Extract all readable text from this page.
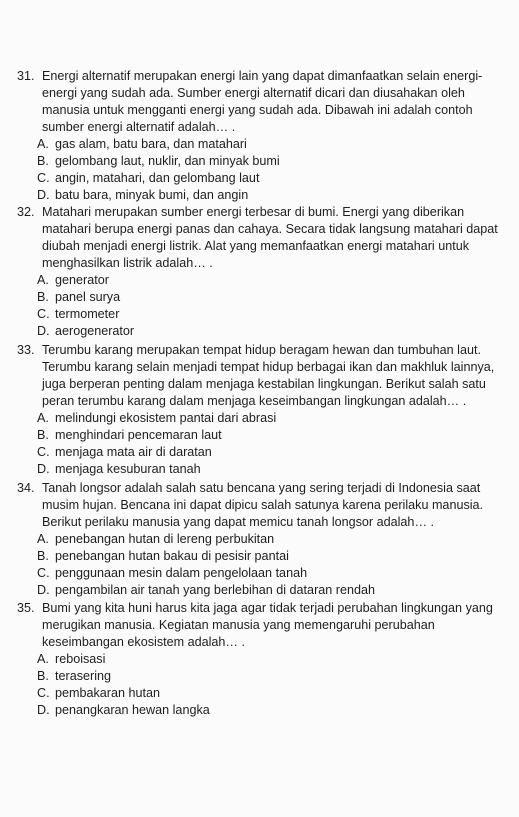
31. Energi alternatif merupakan energi lain yang dapat dimanfaatkan selain energi-
energi yang sudah ada. Sumber energi alternatif dicari dan diusahakan oleh
manusia untuk mengganti energi yang sudah ada. Dibawah ini adalah contoh
sumber energi alternatif adalah… .
A. gas alam, batu bara, dan matahari
B. gelombang laut, nuklir, dan minyak bumi
C. angin, matahari, dan gelombang laut
D. batu bara, minyak bumi, dan angin
32. Matahari merupakan sumber energi terbesar di bumi. Energi yang diberikan
matahari berupa energi panas dan cahaya. Secara tidak langsung matahari dapat
diubah menjadi energi listrik. Alat yang memanfaatkan energi matahari untuk
menghasilkan listrik adalah… .
A. generator
B. panel surya
C. termometer
D. aerogenerator
33. Terumbu karang merupakan tempat hidup beragam hewan dan tumbuhan laut.
Terumbu karang selain menjadi tempat hidup berbagai ikan dan makhluk lainnya,
juga berperan penting dalam menjaga kestabilan lingkungan. Berikut salah satu
peran terumbu karang dalam menjaga keseimbangan lingkungan adalah… .
A. melindungi ekosistem pantai dari abrasi
B. menghindari pencemaran laut
C. menjaga mata air di daratan
D. menjaga kesuburan tanah
34. Tanah longsor adalah salah satu bencana yang sering terjadi di Indonesia saat
musim hujan. Bencana ini dapat dipicu salah satunya karena perilaku manusia.
Berikut perilaku manusia yang dapat memicu tanah longsor adalah… .
A. penebangan hutan di lereng perbukitan
B. penebangan hutan bakau di pesisir pantai
C. penggunaan mesin dalam pengelolaan tanah
D. pengambilan air tanah yang berlebihan di dataran rendah
35. Bumi yang kita huni harus kita jaga agar tidak terjadi perubahan lingkungan yang
merugikan manusia. Kegiatan manusia yang memengaruhi perubahan
keseimbangan ekosistem adalah… .
A. reboisasi
B. terasering
C. pembakaran hutan
D. penangkaran hewan langka
